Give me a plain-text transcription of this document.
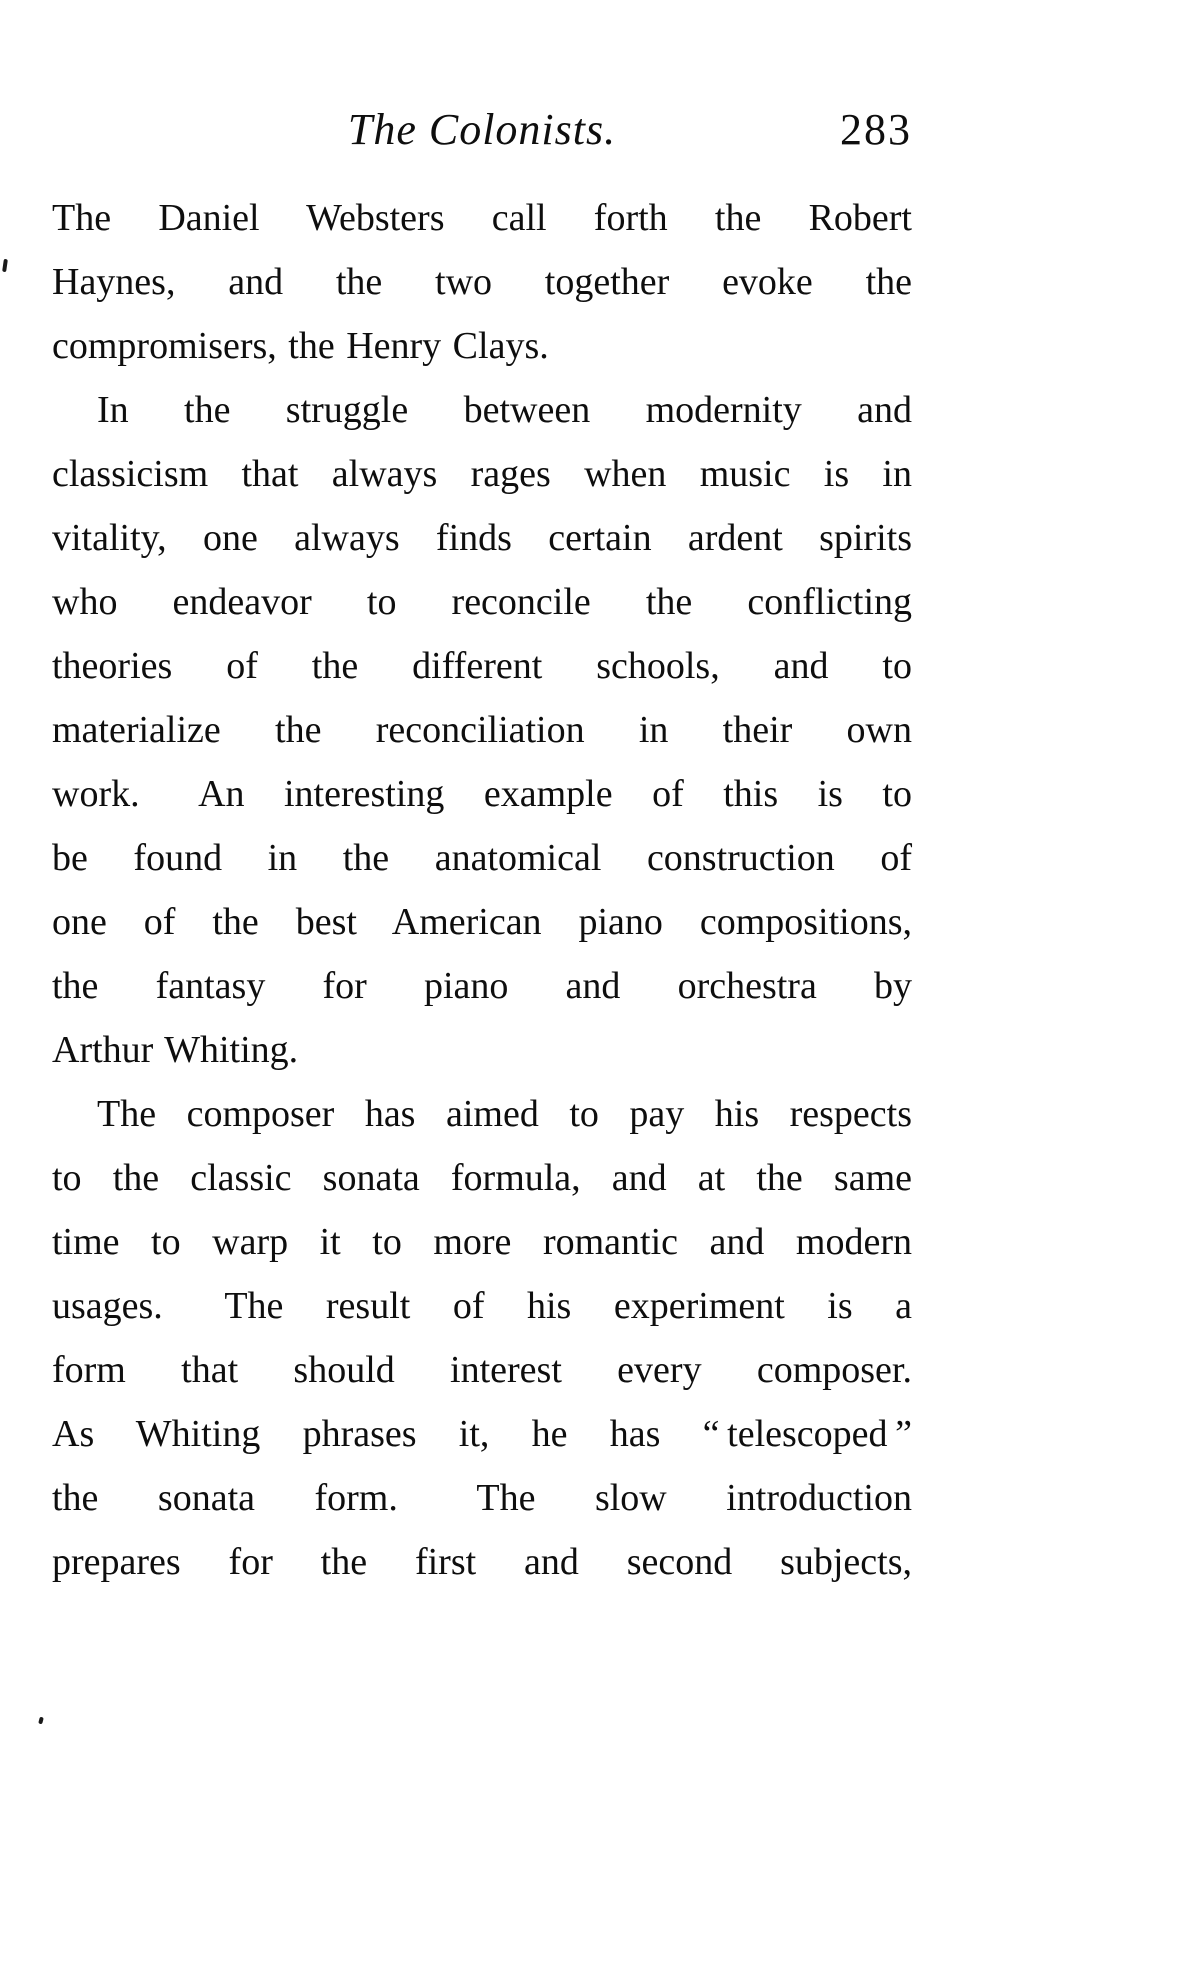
The Colonists.	283
The Daniel Websters call forth the Robert
Haynes, and the two together evoke the
compromisers, the Henry Clays.
In the struggle between modernity and
classicism that always rages when music is in
vitality, one always finds certain ardent spirits
who endeavor to reconcile the conflicting
theories of the different schools, and to
materialize the reconciliation in their own
work.  An interesting example of this is to
be found in the anatomical construction of
one of the best American piano compositions,
the fantasy for piano and orchestra by
Arthur Whiting.
The composer has aimed to pay his respects
to the classic sonata formula, and at the same
time to warp it to more romantic and modern
usages.  The result of his experiment is a
form that should interest every composer.
As Whiting phrases it, he has “ telescoped ”
the sonata form.  The slow introduction
prepares for the first and second subjects,
